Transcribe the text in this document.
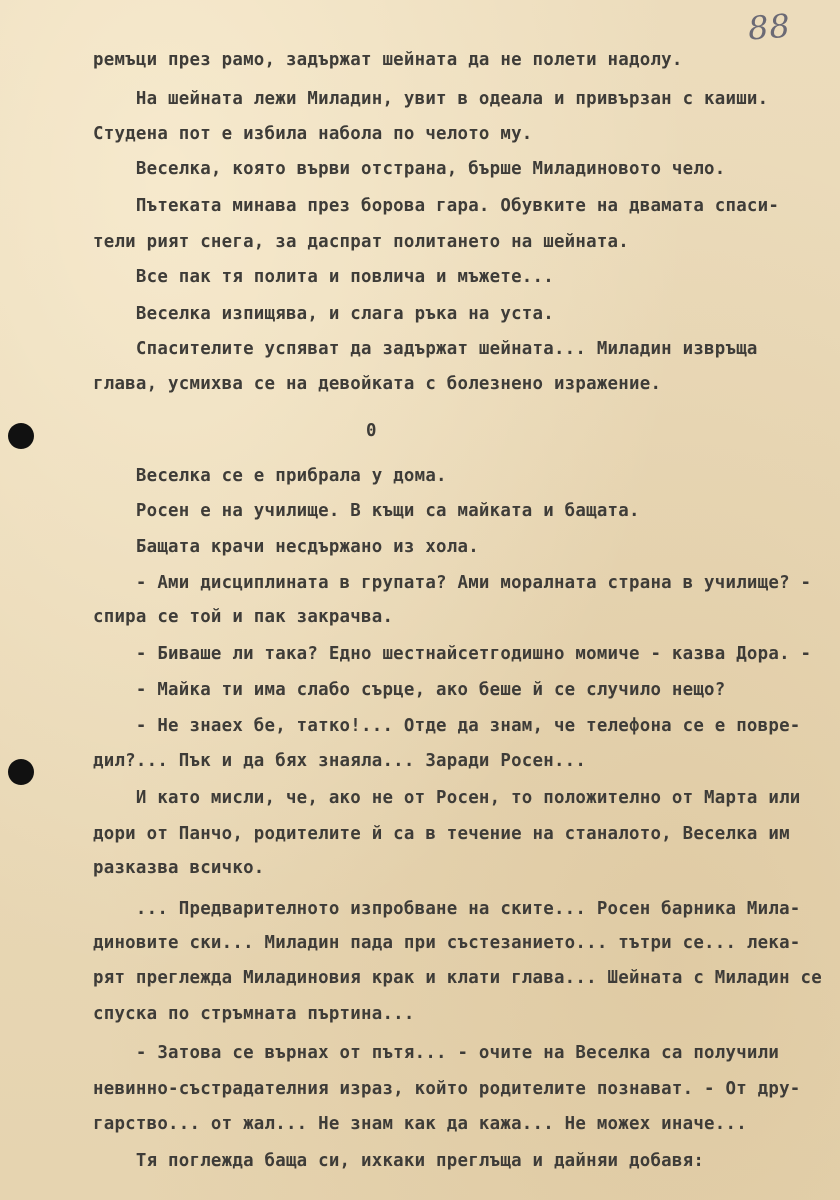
88
ремъци през рамо, задържат шейната да не полети надолу.
На шейната лежи Миладин, увит в одеала и привързан с каиши.
Студена пот е избила набола по челото му.
Веселка, която върви отстрана, бърше Миладиновото чело.
Пътеката минава през борова гара. Обувките на двамата спаси-
тели рият снега, за даспрат политането на шейната.
Все пак тя полита и повлича и мъжете...
Веселка изпищява, и слага ръка на уста.
Спасителите успяват да задържат шейната... Миладин извръща
глава, усмихва се на девойката с болезнено изражение.
0
Веселка се е прибрала у дома.
Росен е на училище. В къщи са майката и бащата.
Бащата крачи несдържано из хола.
- Ами дисциплината в групата? Ами моралната страна в училище? -
спира се той и пак закрачва.
- Биваше ли така? Едно шестнайсетгодишно момиче - казва Дора. -
- Майка ти има слабо сърце, ако беше й се случило нещо?
- Не знаех бе, татко!... Отде да знам, че телефона се е повре-
дил?... Пък и да бях знаяла... Заради Росен...
И като мисли, че, ако не от Росен, то положително от Марта или
дори от Панчо, родителите й са в течение на станалото, Веселка им
разказва всичко.
... Предварителното изпробване на ските... Росен барника Мила-
диновите ски... Миладин пада при състезанието... тътри се... лека-
рят преглежда Миладиновия крак и клати глава... Шейната с Миладин се
спуска по стръмната пъртина...
- Затова се върнах от пътя... - очите на Веселка са получили
невинно-състрадателния израз, който родителите познават. - От дру-
гарство... от жал... Не знам как да кажа... Не можех иначе...
Тя поглежда баща си, ихкаки преглъща и дайняи добавя:
